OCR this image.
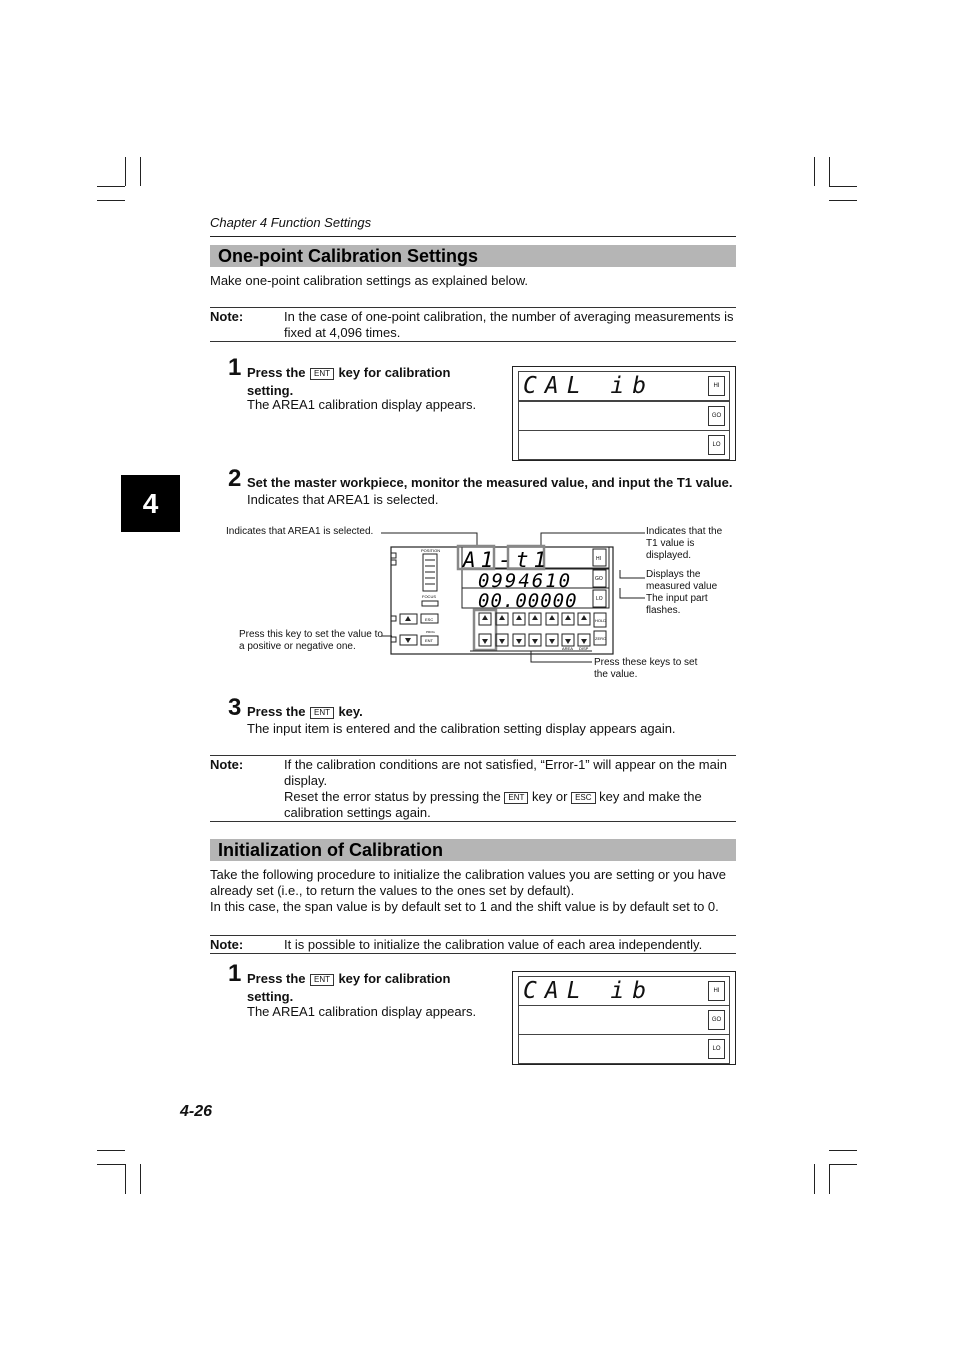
Chapter 4 Function Settings
4
One-point Calibration Settings
Make one-point calibration settings as explained below.
Note:	In the case of one-point calibration, the number of averaging measurements is fixed at 4,096 times.
1 Press the ENT key for calibration setting.
The AREA1 calibration display appears.
CAL ib	HI
GO
LO
2 Set the master workpiece, monitor the measured value, and input the T1 value.
Indicates that AREA1 is selected.
Indicates that AREA1 is selected.	Indicates that the T1 value is displayed.
Displays the measured value
The input part flashes.
Press this key to set the value to a positive or negative one.
Press these keys to set the value.
A1-t1
0994610
00.00000
HI
GO
LO
POSITION
FOCUS
ESC
PROG
ENT
HOLD
ZERO
AREA DISP
3 Press the ENT key.
The input item is entered and the calibration setting display appears again.
Note:	If the calibration conditions are not satisfied, “Error-1” will appear on the main display.
Reset the error status by pressing the ENT key or ESC key and make the calibration settings again.
Initialization of Calibration
Take the following procedure to initialize the calibration values you are setting or you have already set (i.e., to return the values to the ones set by default).
In this case, the span value is by default set to 1 and the shift value is by default set to 0.
Note:	It is possible to initialize the calibration value of each area independently.
1 Press the ENT key for calibration setting.
The AREA1 calibration display appears.
CAL ib	HI
GO
LO
4-26
